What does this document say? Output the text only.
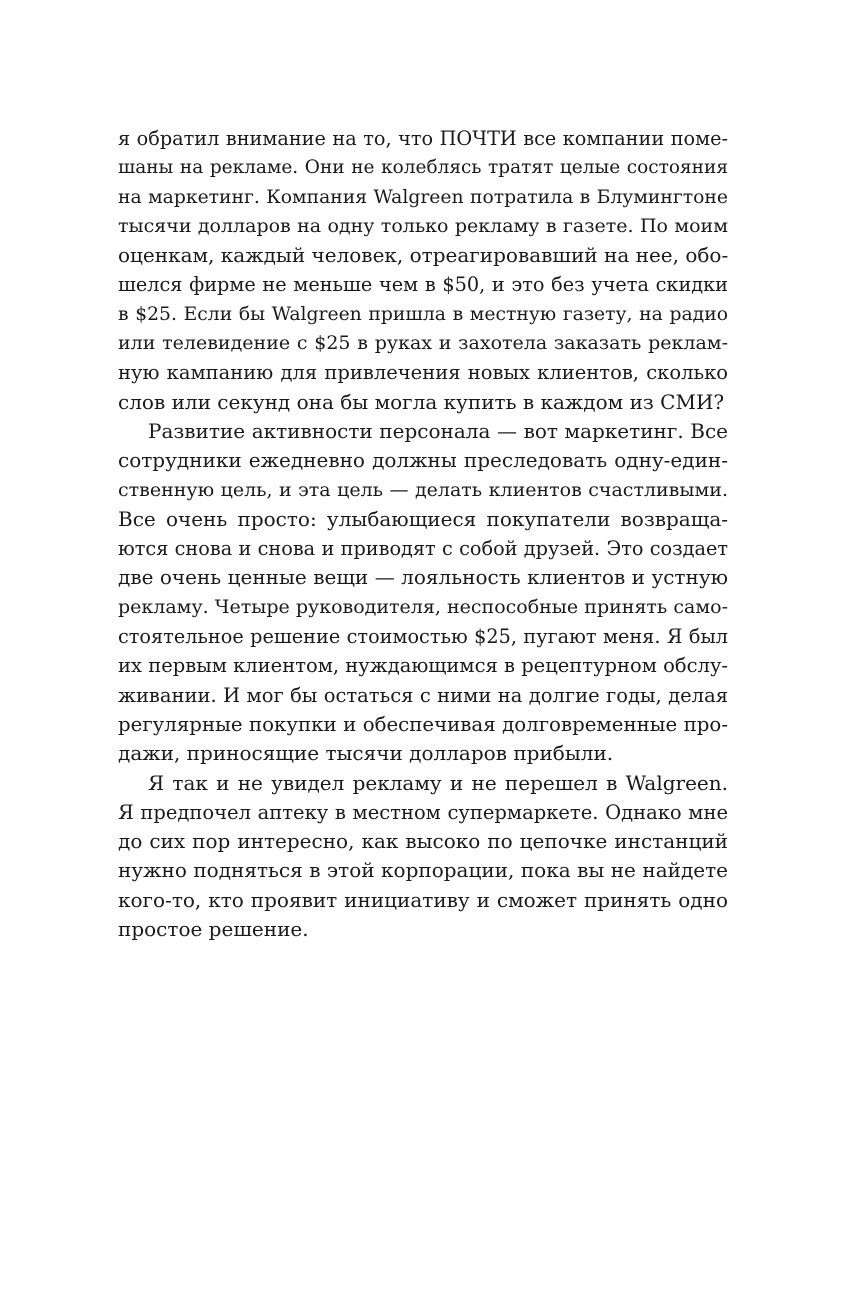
я обратил внимание на то, что ПОЧТИ все компании поме-
шаны на рекламе. Они не колеблясь тратят целые состояния
на маркетинг. Компания Walgreen потратила в Блумингтоне
тысячи долларов на одну только рекламу в газете. По моим
оценкам, каждый человек, отреагировавший на нее, обо-
шелся фирме не меньше чем в $50, и это без учета скидки
в $25. Если бы Walgreen пришла в местную газету, на радио
или телевидение с $25 в руках и захотела заказать реклам-
ную кампанию для привлечения новых клиентов, сколько
слов или секунд она бы могла купить в каждом из СМИ?
Развитие активности персонала — вот маркетинг. Все
сотрудники ежедневно должны преследовать одну-един-
ственную цель, и эта цель — делать клиентов счастливыми.
Все очень просто: улыбающиеся покупатели возвраща-
ются снова и снова и приводят с собой друзей. Это создает
две очень ценные вещи — лояльность клиентов и устную
рекламу. Четыре руководителя, неспособные принять само-
стоятельное решение стоимостью $25, пугают меня. Я был
их первым клиентом, нуждающимся в рецептурном обслу-
живании. И мог бы остаться с ними на долгие годы, делая
регулярные покупки и обеспечивая долговременные про-
дажи, приносящие тысячи долларов прибыли.
Я так и не увидел рекламу и не перешел в Walgreen.
Я предпочел аптеку в местном супермаркете. Однако мне
до сих пор интересно, как высоко по цепочке инстанций
нужно подняться в этой корпорации, пока вы не найдете
кого-то, кто проявит инициативу и сможет принять одно
простое решение.
